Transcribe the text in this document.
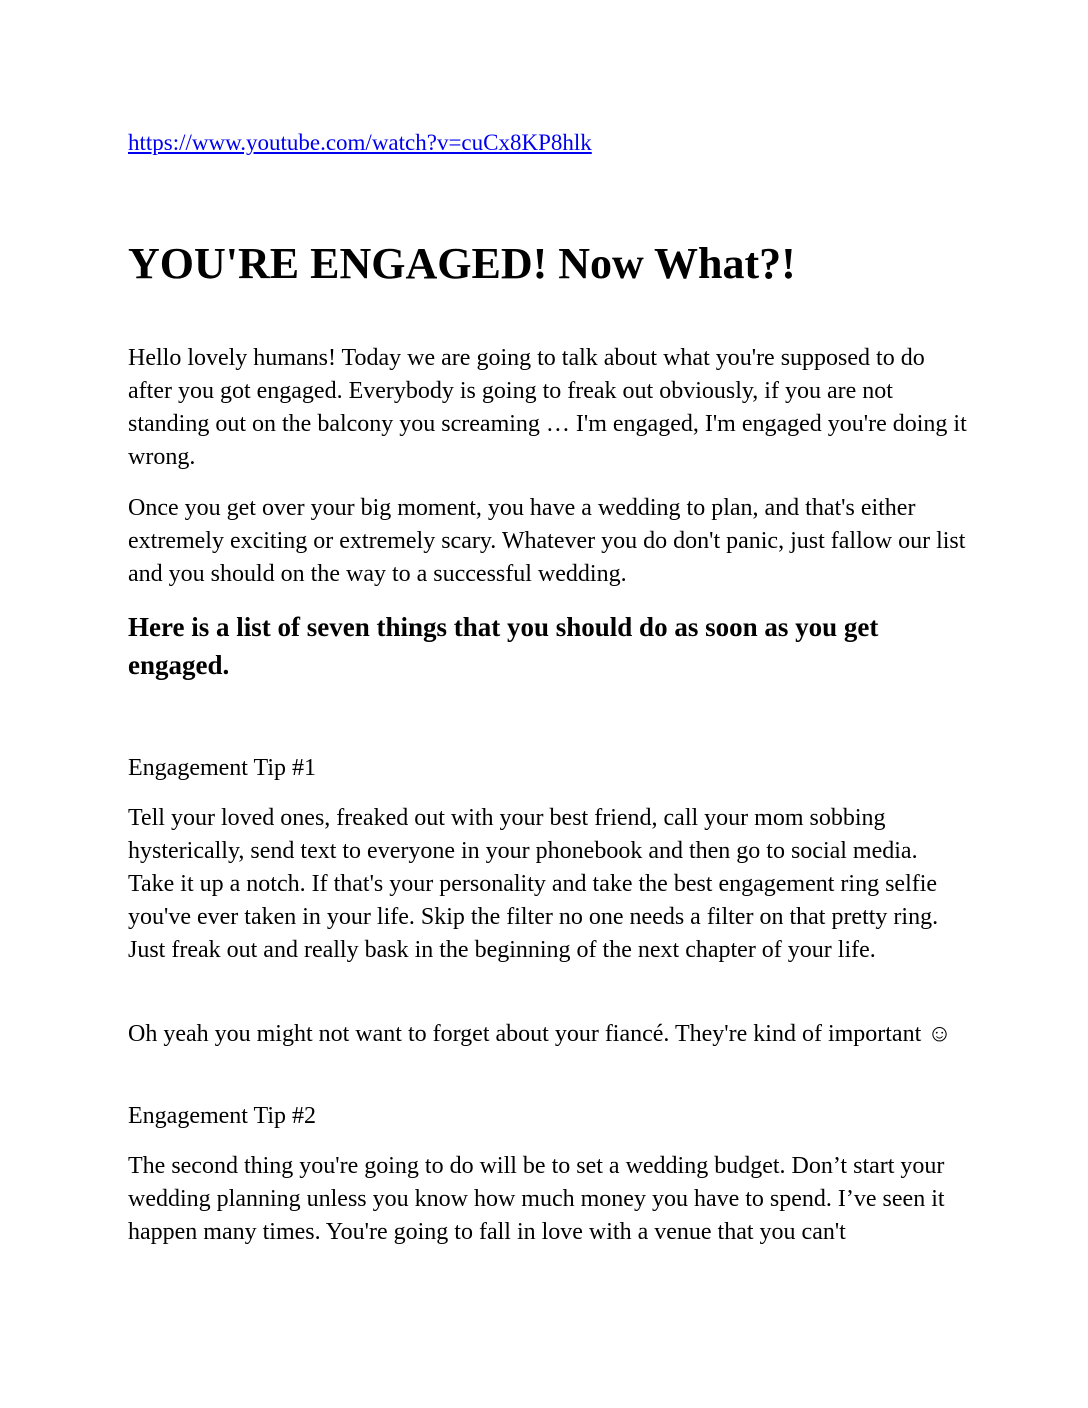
https://www.youtube.com/watch?v=cuCx8KP8hlk
YOU'RE ENGAGED! Now What?!

Hello lovely humans! Today we are going to talk about what you're supposed to do after you got engaged. Everybody is going to freak out obviously, if you are not standing out on the balcony you screaming … I'm engaged, I'm engaged you're doing it wrong.

Once you get over your big moment, you have a wedding to plan, and that's either extremely exciting or extremely scary. Whatever you do don't panic, just fallow our list and you should on the way to a successful wedding.

Here is a list of seven things that you should do as soon as you get engaged.

Engagement Tip #1

Tell your loved ones, freaked out with your best friend, call your mom sobbing hysterically, send text to everyone in your phonebook and then go to social media. Take it up a notch. If that's your personality and take the best engagement ring selfie you've ever taken in your life. Skip the filter no one needs a filter on that pretty ring. Just freak out and really bask in the beginning of the next chapter of your life.

Oh yeah you might not want to forget about your fiancé. They're kind of important ☺

Engagement Tip #2

The second thing you're going to do will be to set a wedding budget. Don’t start your wedding planning unless you know how much money you have to spend. I’ve seen it happen many times. You're going to fall in love with a venue that you can't
